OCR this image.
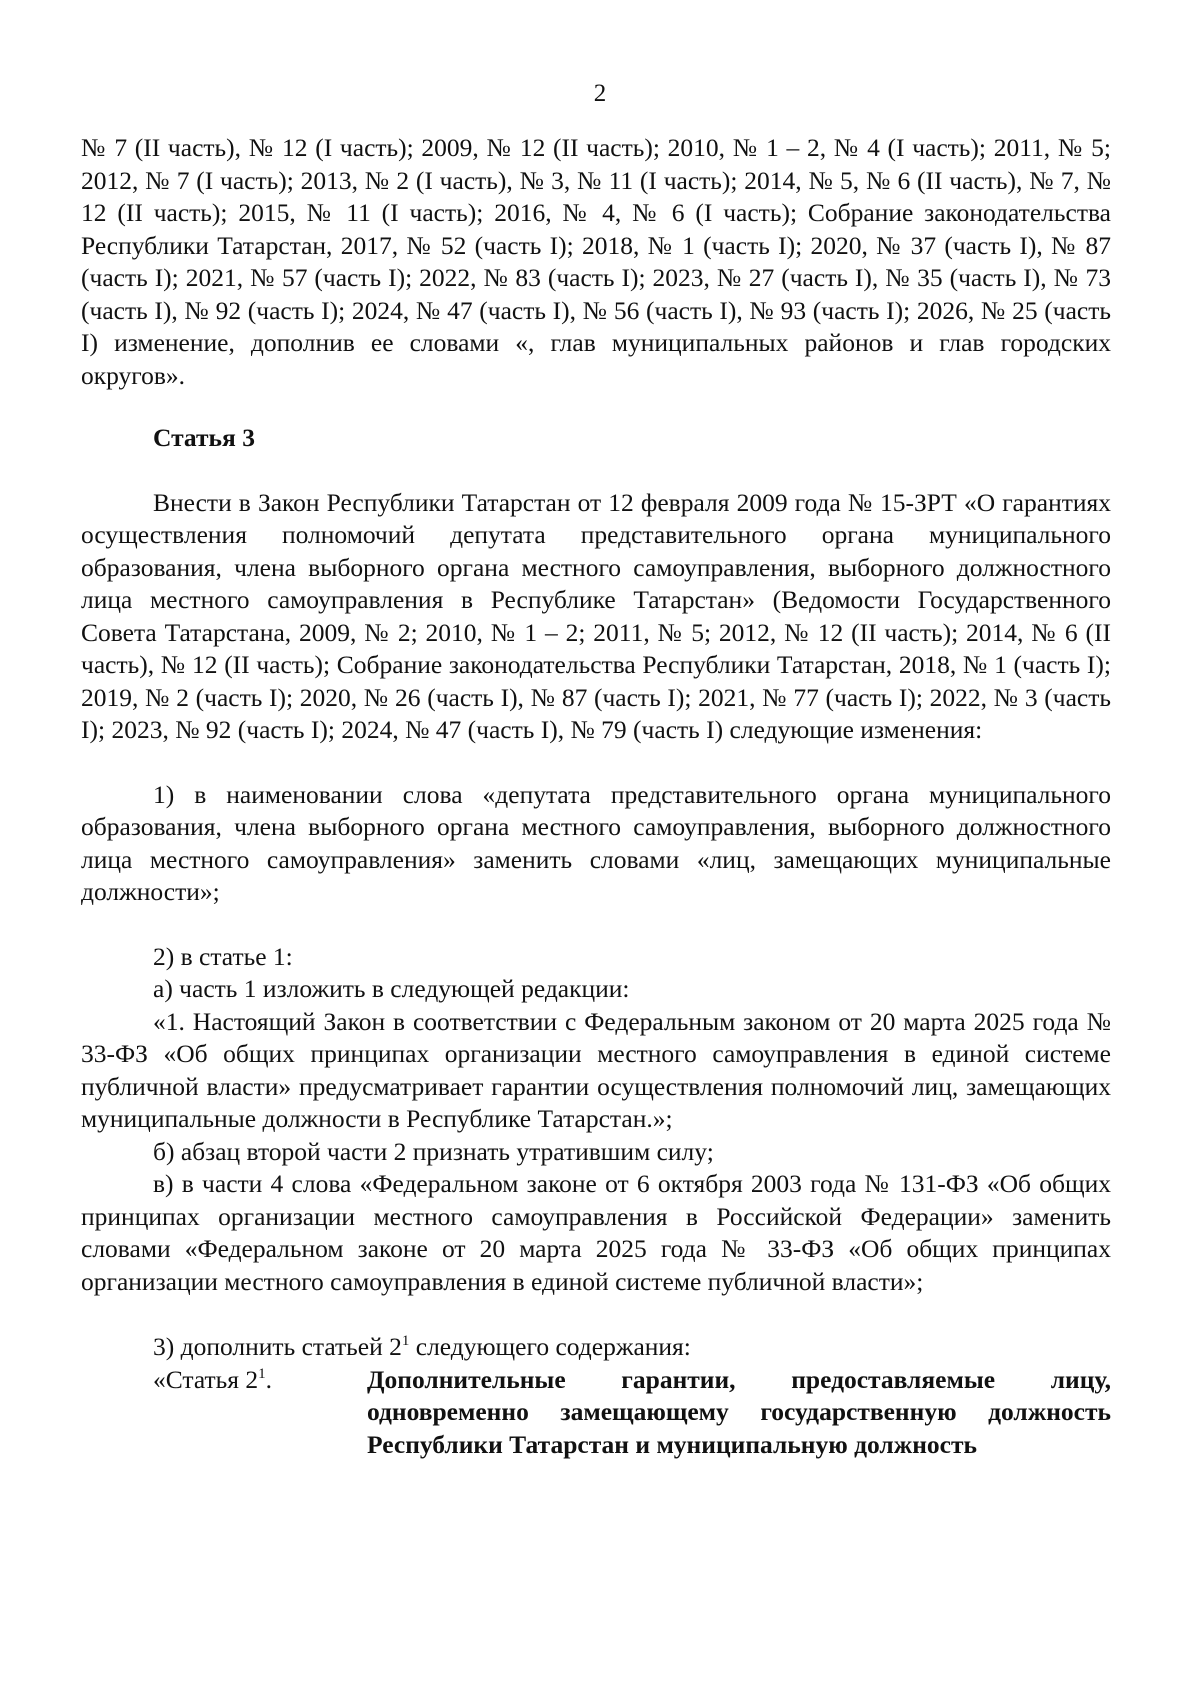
2

№ 7 (II часть), № 12 (I часть); 2009, № 12 (II часть); 2010, № 1 – 2, № 4 (I часть); 2011, № 5; 2012, № 7 (I часть); 2013, № 2 (I часть), № 3, № 11 (I часть); 2014, № 5, № 6 (II часть), № 7, № 12 (II часть); 2015, № 11 (I часть); 2016, № 4, № 6 (I часть); Собрание законодательства Республики Татарстан, 2017, № 52 (часть I); 2018, № 1 (часть I); 2020, № 37 (часть I), № 87 (часть I); 2021, № 57 (часть I); 2022, № 83 (часть I); 2023, № 27 (часть I), № 35 (часть I), № 73 (часть I), № 92 (часть I); 2024, № 47 (часть I), № 56 (часть I), № 93 (часть I); 2026, № 25 (часть I) изменение, дополнив ее словами «, глав муниципальных районов и глав городских округов».

Статья 3

Внести в Закон Республики Татарстан от 12 февраля 2009 года № 15-ЗРТ «О гарантиях осуществления полномочий депутата представительного органа муниципального образования, члена выборного органа местного самоуправления, выборного должностного лица местного самоуправления в Республике Татарстан» (Ведомости Государственного Совета Татарстана, 2009, № 2; 2010, № 1 – 2; 2011, № 5; 2012, № 12 (II часть); 2014, № 6 (II часть), № 12 (II часть); Собрание законодательства Республики Татарстан, 2018, № 1 (часть I); 2019, № 2 (часть I); 2020, № 26 (часть I), № 87 (часть I); 2021, № 77 (часть I); 2022, № 3 (часть I); 2023, № 92 (часть I); 2024, № 47 (часть I), № 79 (часть I) следующие изменения:

1) в наименовании слова «депутата представительного органа муниципального образования, члена выборного органа местного самоуправления, выборного должностного лица местного самоуправления» заменить словами «лиц, замещающих муниципальные должности»;

2) в статье 1:

а) часть 1 изложить в следующей редакции:

«1. Настоящий Закон в соответствии с Федеральным законом от 20 марта 2025 года № 33-ФЗ «Об общих принципах организации местного самоуправления в единой системе публичной власти» предусматривает гарантии осуществления полномочий лиц, замещающих муниципальные должности в Республике Татарстан.»;

б) абзац второй части 2 признать утратившим силу;

в) в части 4 слова «Федеральном законе от 6 октября 2003 года № 131-ФЗ «Об общих принципах организации местного самоуправления в Российской Федерации» заменить словами «Федеральном законе от 20 марта 2025 года № 33-ФЗ «Об общих принципах организации местного самоуправления в единой системе публичной власти»;

3) дополнить статьей $2^1$ следующего содержания:

«Статья $2^1$.	Дополнительные гарантии, предоставляемые лицу, одновременно замещающему государственную должность Республики Татарстан и муниципальную должность
